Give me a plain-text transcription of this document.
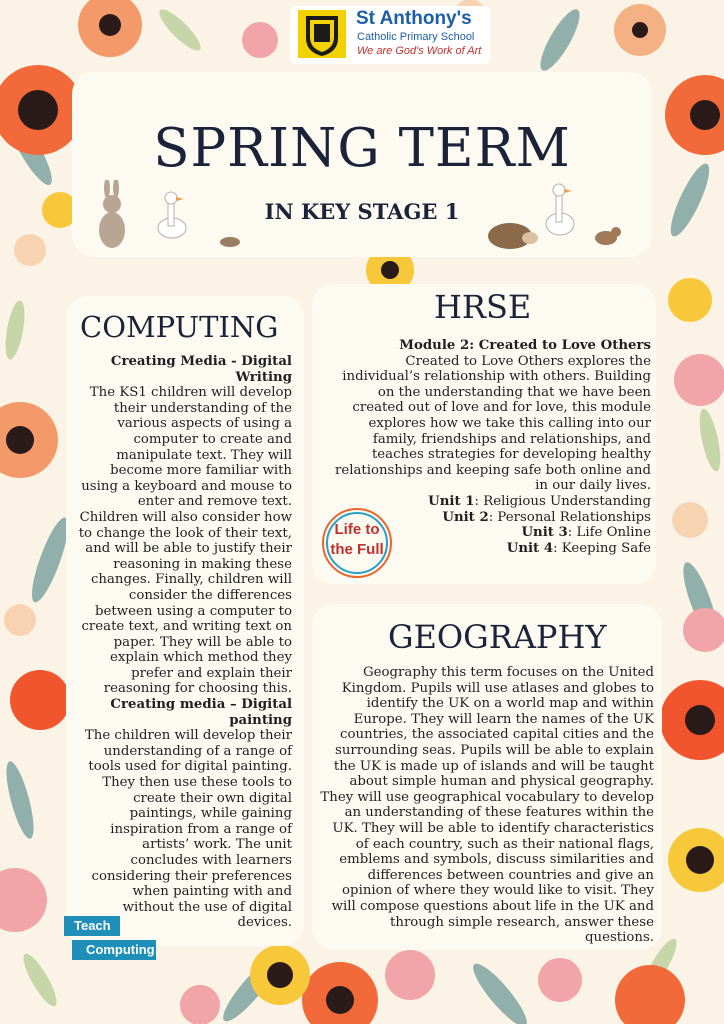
St Anthony's
Catholic Primary School
We are God's Work of Art
SPRING TERM
IN KEY STAGE 1
COMPUTING
Creating Media - Digital Writing
The KS1 children will develop their understanding of the various aspects of using a computer to create and manipulate text. They will become more familiar with using a keyboard and mouse to enter and remove text. Children will also consider how to change the look of their text, and will be able to justify their reasoning in making these changes. Finally, children will consider the differences between using a computer to create text, and writing text on paper. They will be able to explain which method they prefer and explain their reasoning for choosing this.
Creating media – Digital painting
The children will develop their understanding of a range of tools used for digital painting. They then use these tools to create their own digital paintings, while gaining inspiration from a range of artists’ work. The unit concludes with learners considering their preferences when painting with and without the use of digital devices.
Teach
Computing
HRSE
Module 2: Created to Love Others
Created to Love Others explores the individual’s relationship with others. Building on the understanding that we have been created out of love and for love, this module explores how we take this calling into our family, friendships and relationships, and teaches strategies for developing healthy relationships and keeping safe both online and in our daily lives.
Unit 1: Religious Understanding
Unit 2: Personal Relationships
Unit 3: Life Online
Unit 4: Keeping Safe
Life to
the Full
GEOGRAPHY
Geography this term focuses on the United Kingdom. Pupils will use atlases and globes to identify the UK on a world map and within Europe. They will learn the names of the UK countries, the associated capital cities and the surrounding seas. Pupils will be able to explain the UK is made up of islands and will be taught about simple human and physical geography. They will use geographical vocabulary to develop an understanding of these features within the UK. They will be able to identify characteristics of each country, such as their national flags, emblems and symbols, discuss similarities and differences between countries and give an opinion of where they would like to visit. They will compose questions about life in the UK and through simple research, answer these questions.
